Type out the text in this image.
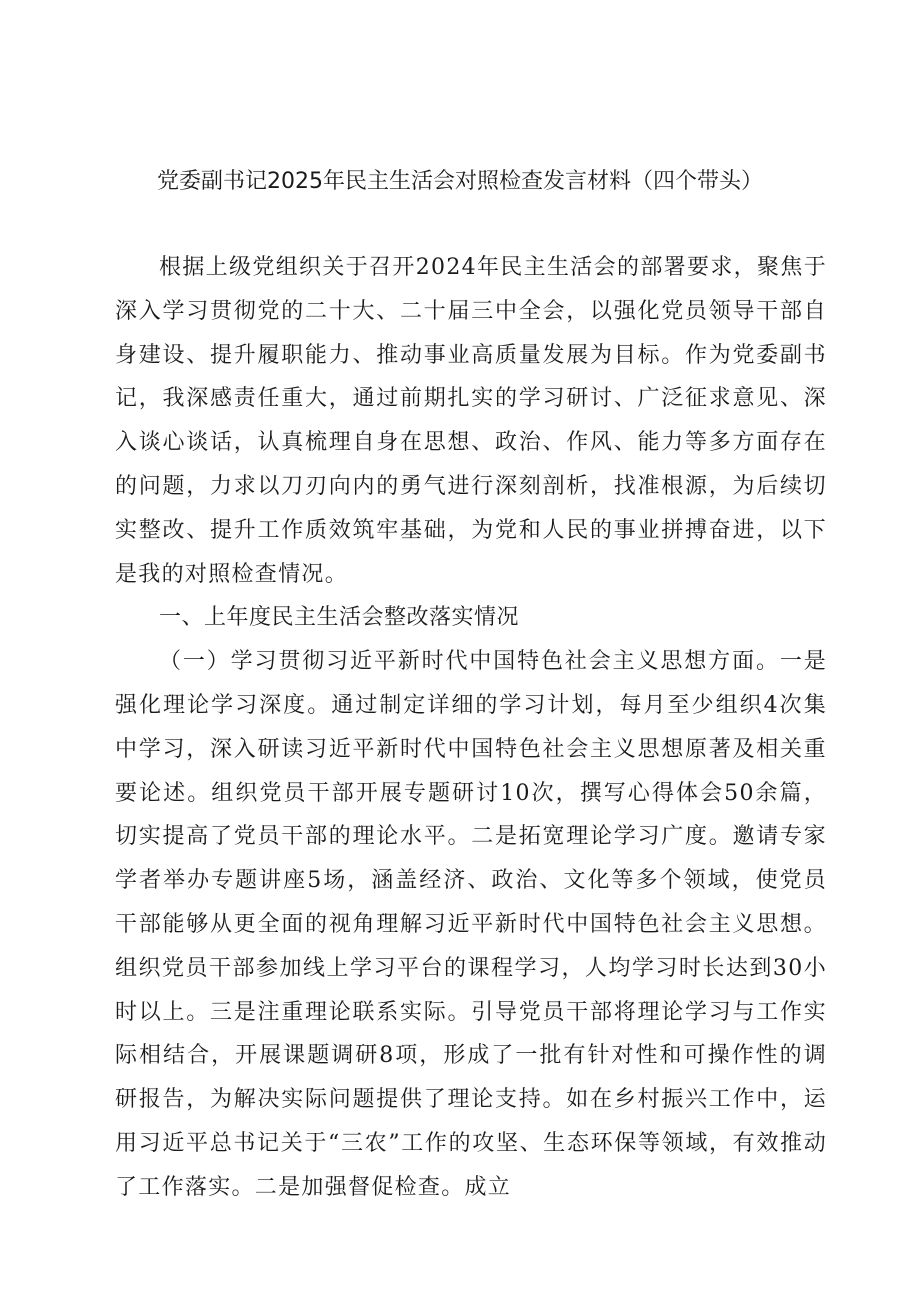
党委副书记2025年民主生活会对照检查发言材料（四个带头）

根据上级党组织关于召开2024年民主生活会的部署要求，聚焦于深入学习贯彻党的二十大、二十届三中全会，以强化党员领导干部自身建设、提升履职能力、推动事业高质量发展为目标。作为党委副书记，我深感责任重大，通过前期扎实的学习研讨、广泛征求意见、深入谈心谈话，认真梳理自身在思想、政治、作风、能力等多方面存在的问题，力求以刀刃向内的勇气进行深刻剖析，找准根源，为后续切实整改、提升工作质效筑牢基础，为党和人民的事业拼搏奋进，以下是我的对照检查情况。

一、上年度民主生活会整改落实情况

（一）学习贯彻习近平新时代中国特色社会主义思想方面。一是强化理论学习深度。通过制定详细的学习计划，每月至少组织4次集中学习，深入研读习近平新时代中国特色社会主义思想原著及相关重要论述。组织党员干部开展专题研讨10次，撰写心得体会50余篇，切实提高了党员干部的理论水平。二是拓宽理论学习广度。邀请专家学者举办专题讲座5场，涵盖经济、政治、文化等多个领域，使党员干部能够从更全面的视角理解习近平新时代中国特色社会主义思想。组织党员干部参加线上学习平台的课程学习，人均学习时长达到30小时以上。三是注重理论联系实际。引导党员干部将理论学习与工作实际相结合，开展课题调研8项，形成了一批有针对性和可操作性的调研报告，为解决实际问题提供了理论支持。如在乡村振兴工作中，运用习近平总书记关于“三农”工作的攻坚、生态环保等领域，有效推动了工作落实。二是加强督促检查。成立
